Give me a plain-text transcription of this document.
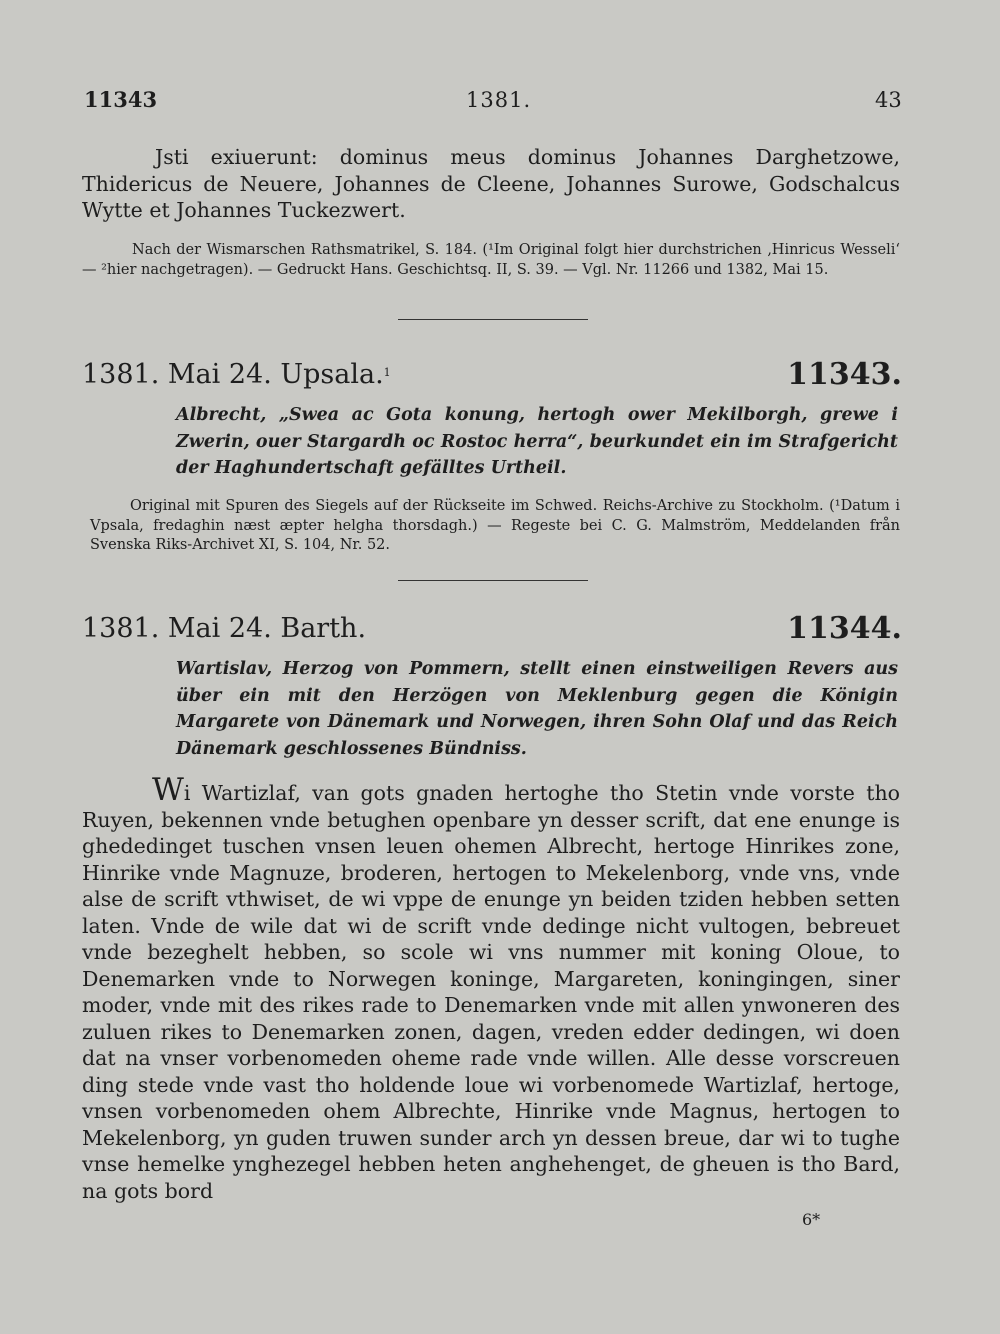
11343	1381.	43
Jsti exiuerunt: dominus meus dominus Johannes Darghetzowe, Thidericus de Neuere, Johannes de Cleene, Johannes Surowe, Godschalcus Wytte et Johannes Tuckezwert.
Nach der Wismarschen Rathsmatrikel, S. 184. (¹Im Original folgt hier durchstrichen ‚Hinricus Wesseli‘ — ²hier nachgetragen). — Gedruckt Hans. Geschichtsq. II, S. 39. — Vgl. Nr. 11266 und 1382, Mai 15.
1381. Mai 24. Upsala.$^1$	11343.
Albrecht, „Swea ac Gota konung, hertogh ower Mekilborgh, grewe i Zwerin, ouer Stargardh oc Rostoc herra“, beurkundet ein im Strafgericht der Haghundertschaft gefälltes Urtheil.
Original mit Spuren des Siegels auf der Rückseite im Schwed. Reichs-Archive zu Stockholm. (¹Datum i Vpsala, fredaghin næst æpter helgha thorsdagh.) — Regeste bei C. G. Malmström, Meddelanden från Svenska Riks-Archivet XI, S. 104, Nr. 52.
1381. Mai 24. Barth.	11344.
Wartislav, Herzog von Pommern, stellt einen einstweiligen Revers aus über ein mit den Herzögen von Meklenburg gegen die Königin Margarete von Dänemark und Norwegen, ihren Sohn Olaf und das Reich Dänemark geschlossenes Bündniss.
Wi Wartizlaf, van gots gnaden hertoghe tho Stetin vnde vorste tho Ruyen, bekennen vnde betughen openbare yn desser scrift, dat ene enunge is ghededinget tuschen vnsen leuen ohemen Albrecht, hertoge Hinrikes zone, Hinrike vnde Magnuze, broderen, hertogen to Mekelenborg, vnde vns, vnde alse de scrift vthwiset, de wi vppe de enunge yn beiden tziden hebben setten laten. Vnde de wile dat wi de scrift vnde dedinge nicht vultogen, bebreuet vnde bezeghelt hebben, so scole wi vns nummer mit koning Oloue, to Denemarken vnde to Norwegen koninge, Margareten, koningingen, siner moder, vnde mit des rikes rade to Denemarken vnde mit allen ynwoneren des zuluen rikes to Denemarken zonen, dagen, vreden edder dedingen, wi doen dat na vnser vorbenomeden oheme rade vnde willen. Alle desse vorscreuen ding stede vnde vast tho holdende loue wi vorbenomede Wartizlaf, hertoge, vnsen vorbenomeden ohem Albrechte, Hinrike vnde Magnus, hertogen to Mekelenborg, yn guden truwen sunder arch yn dessen breue, dar wi to tughe vnse hemelke ynghezegel hebben heten anghehenget, de gheuen is tho Bard, na gots bord
6*
